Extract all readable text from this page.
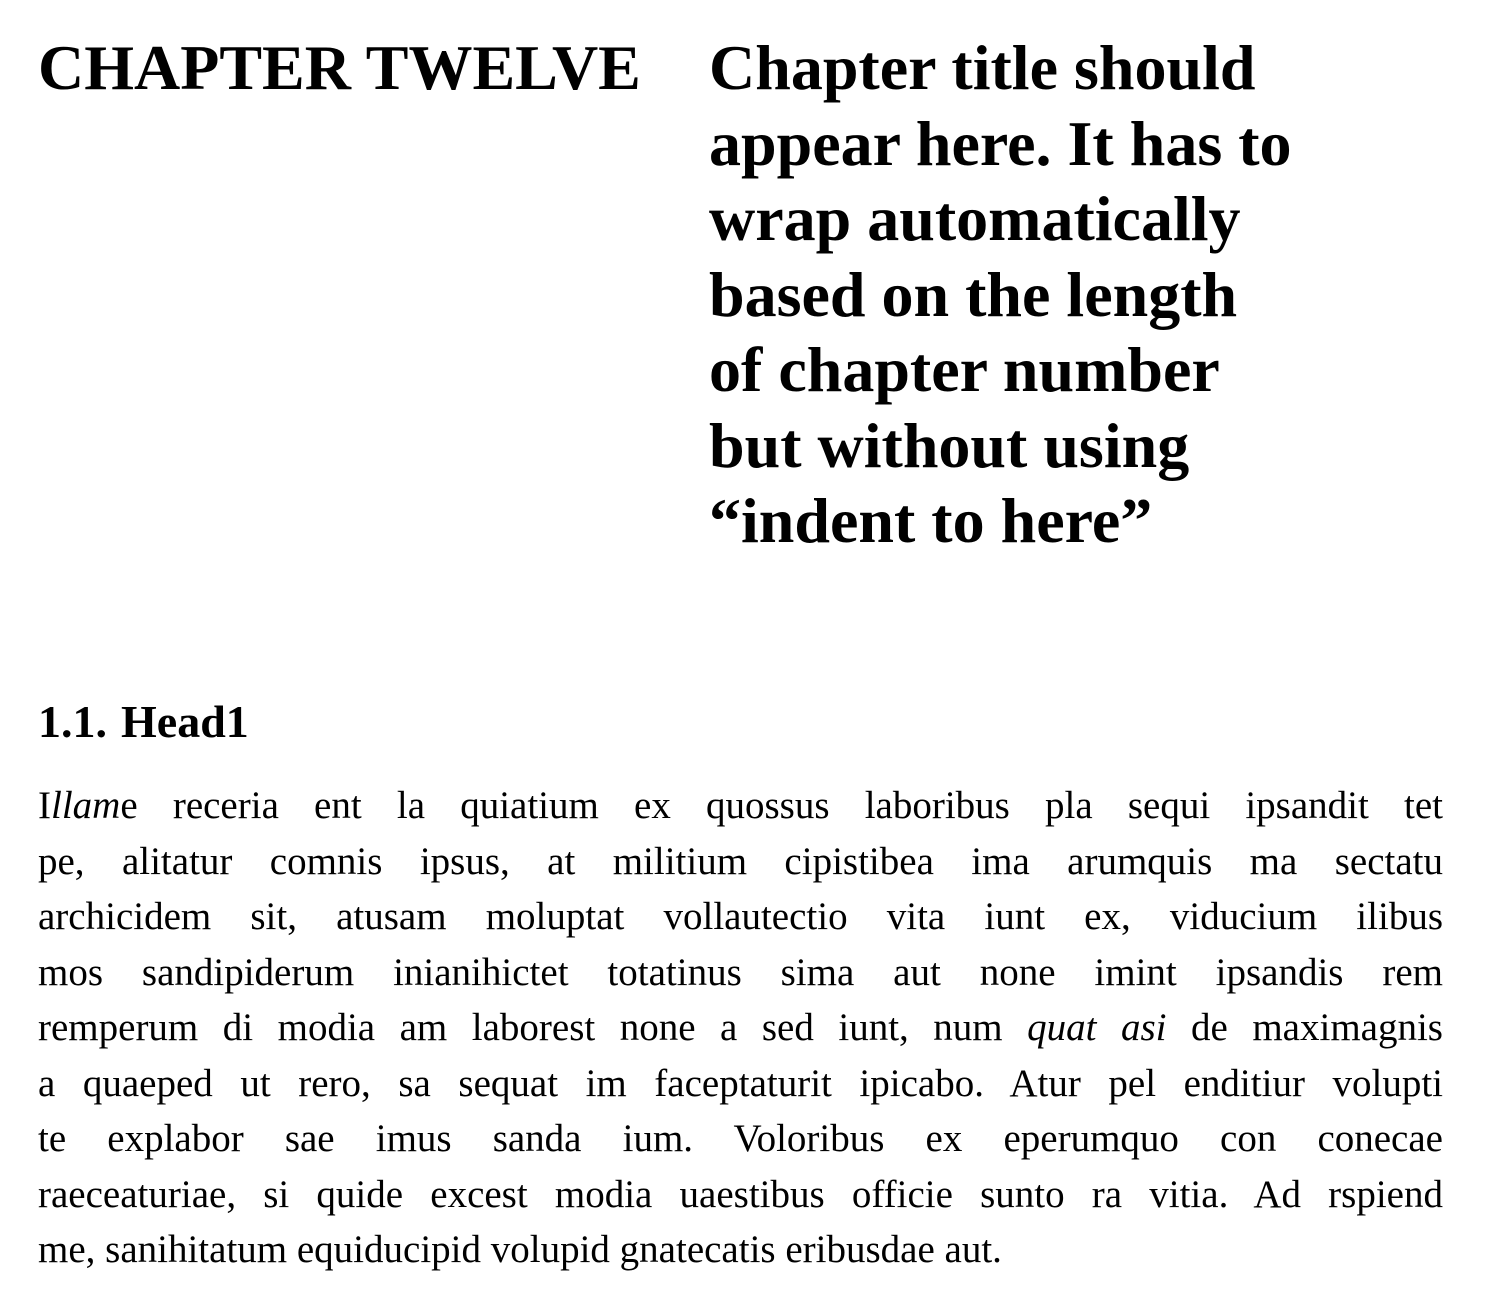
CHAPTER TWELVE Chapter title should
appear here. It has to
wrap automatically
based on the length
of chapter number
but without using
“indent to here”
1.1. Head1
Illame receria ent la quiatium ex quossus laboribus pla sequi ipsandit tet
pe, alitatur comnis ipsus, at militium cipistibea ima arumquis ma sectatu
archicidem sit, atusam moluptat vollautectio vita iunt ex, viducium ilibus
mos sandipiderum inianihictet totatinus sima aut none imint ipsandis rem
remperum di modia am laborest none a sed iunt, num quat asi de maximagnis
a quaeped ut rero, sa sequat im faceptaturit ipicabo. Atur pel enditiur volupti
te explabor sae imus sanda ium. Voloribus ex eperumquo con conecae
raeceaturiae, si quide excest modia uaestibus officie sunto ra vitia. Ad rspiend
me, sanihitatum equiducipid volupid gnatecatis eribusdae aut.
